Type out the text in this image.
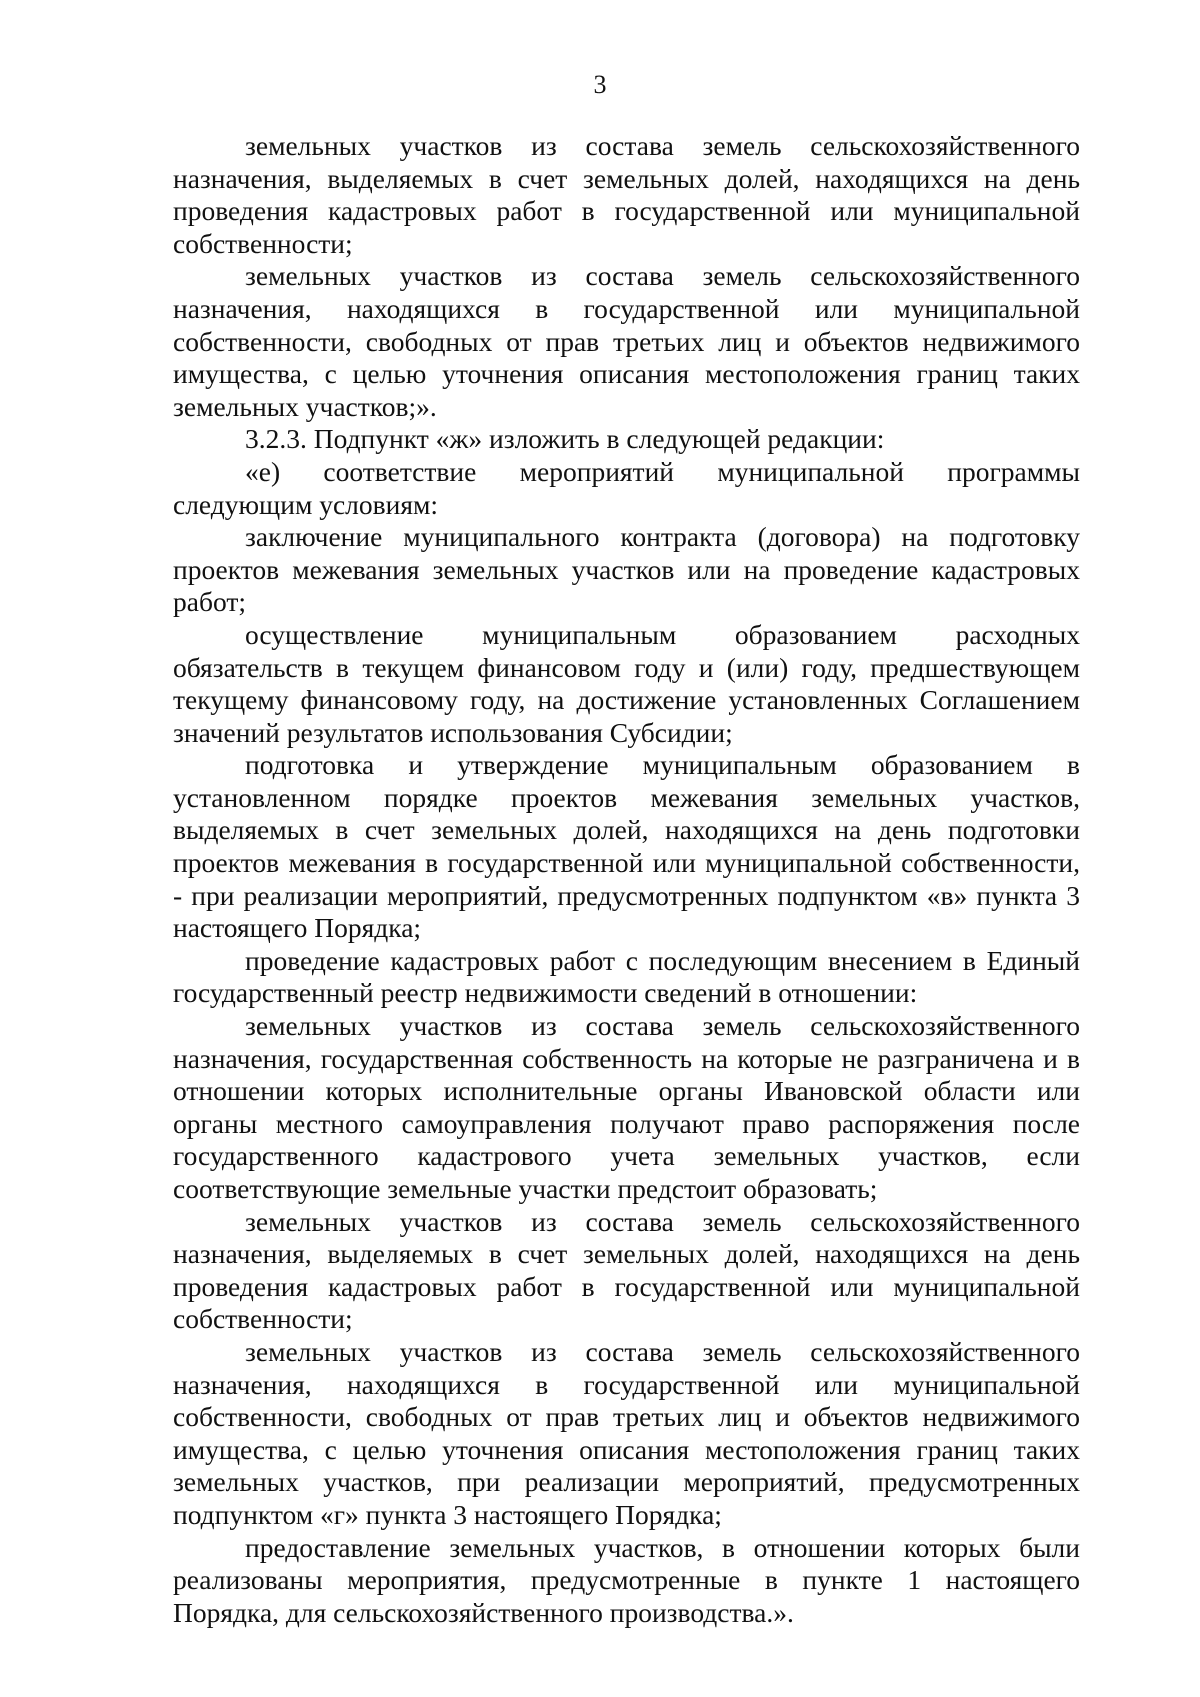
3

земельных участков из состава земель сельскохозяйственного назначения, выделяемых в счет земельных долей, находящихся на день проведения кадастровых работ в государственной или муниципальной собственности;

земельных участков из состава земель сельскохозяйственного назначения, находящихся в государственной или муниципальной собственности, свободных от прав третьих лиц и объектов недвижимого имущества, с целью уточнения описания местоположения границ таких земельных участков;».

3.2.3. Подпункт «ж» изложить в следующей редакции:

«е) соответствие мероприятий муниципальной программы следующим условиям:

заключение муниципального контракта (договора) на подготовку проектов межевания земельных участков или на проведение кадастровых работ;

осуществление муниципальным образованием расходных обязательств в текущем финансовом году и (или) году, предшествующем текущему финансовому году, на достижение установленных Соглашением значений результатов использования Субсидии;

подготовка и утверждение муниципальным образованием в установленном порядке проектов межевания земельных участков, выделяемых в счет земельных долей, находящихся на день подготовки проектов межевания в государственной или муниципальной собственности, - при реализации мероприятий, предусмотренных подпунктом «в» пункта 3 настоящего Порядка;

проведение кадастровых работ с последующим внесением в Единый государственный реестр недвижимости сведений в отношении:

земельных участков из состава земель сельскохозяйственного назначения, государственная собственность на которые не разграничена и в отношении которых исполнительные органы Ивановской области или органы местного самоуправления получают право распоряжения после государственного кадастрового учета земельных участков, если соответствующие земельные участки предстоит образовать;

земельных участков из состава земель сельскохозяйственного назначения, выделяемых в счет земельных долей, находящихся на день проведения кадастровых работ в государственной или муниципальной собственности;

земельных участков из состава земель сельскохозяйственного назначения, находящихся в государственной или муниципальной собственности, свободных от прав третьих лиц и объектов недвижимого имущества, с целью уточнения описания местоположения границ таких земельных участков, при реализации мероприятий, предусмотренных подпунктом «г» пункта 3 настоящего Порядка;

предоставление земельных участков, в отношении которых были реализованы мероприятия, предусмотренные в пункте 1 настоящего Порядка, для сельскохозяйственного производства.».
